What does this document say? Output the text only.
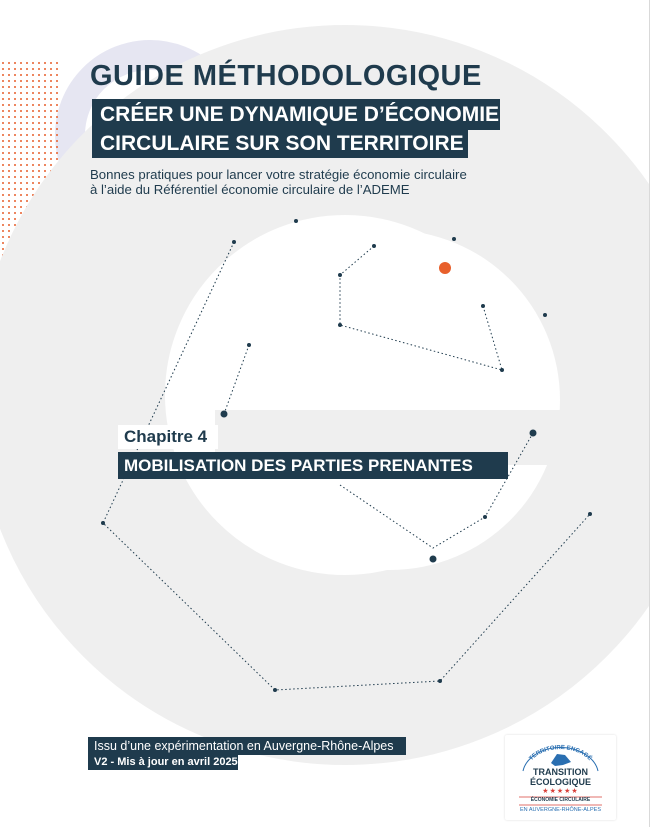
GUIDE MÉTHODOLOGIQUE
CRÉER UNE DYNAMIQUE D’ÉCONOMIE
CIRCULAIRE SUR SON TERRITOIRE
Bonnes pratiques pour lancer votre stratégie économie circulaire
à l’aide du Référentiel économie circulaire de l’ADEME
Chapitre 4
MOBILISATION DES PARTIES PRENANTES
Issu d’une expérimentation en Auvergne-Rhône-Alpes
V2 - Mis à jour en avril 2025	TERRITOIRE ENGAGÉ
TRANSITION
ÉCOLOGIQUE
★★★★★
ÉCONOMIE CIRCULAIRE
EN AUVERGNE-RHÔNE-ALPES
